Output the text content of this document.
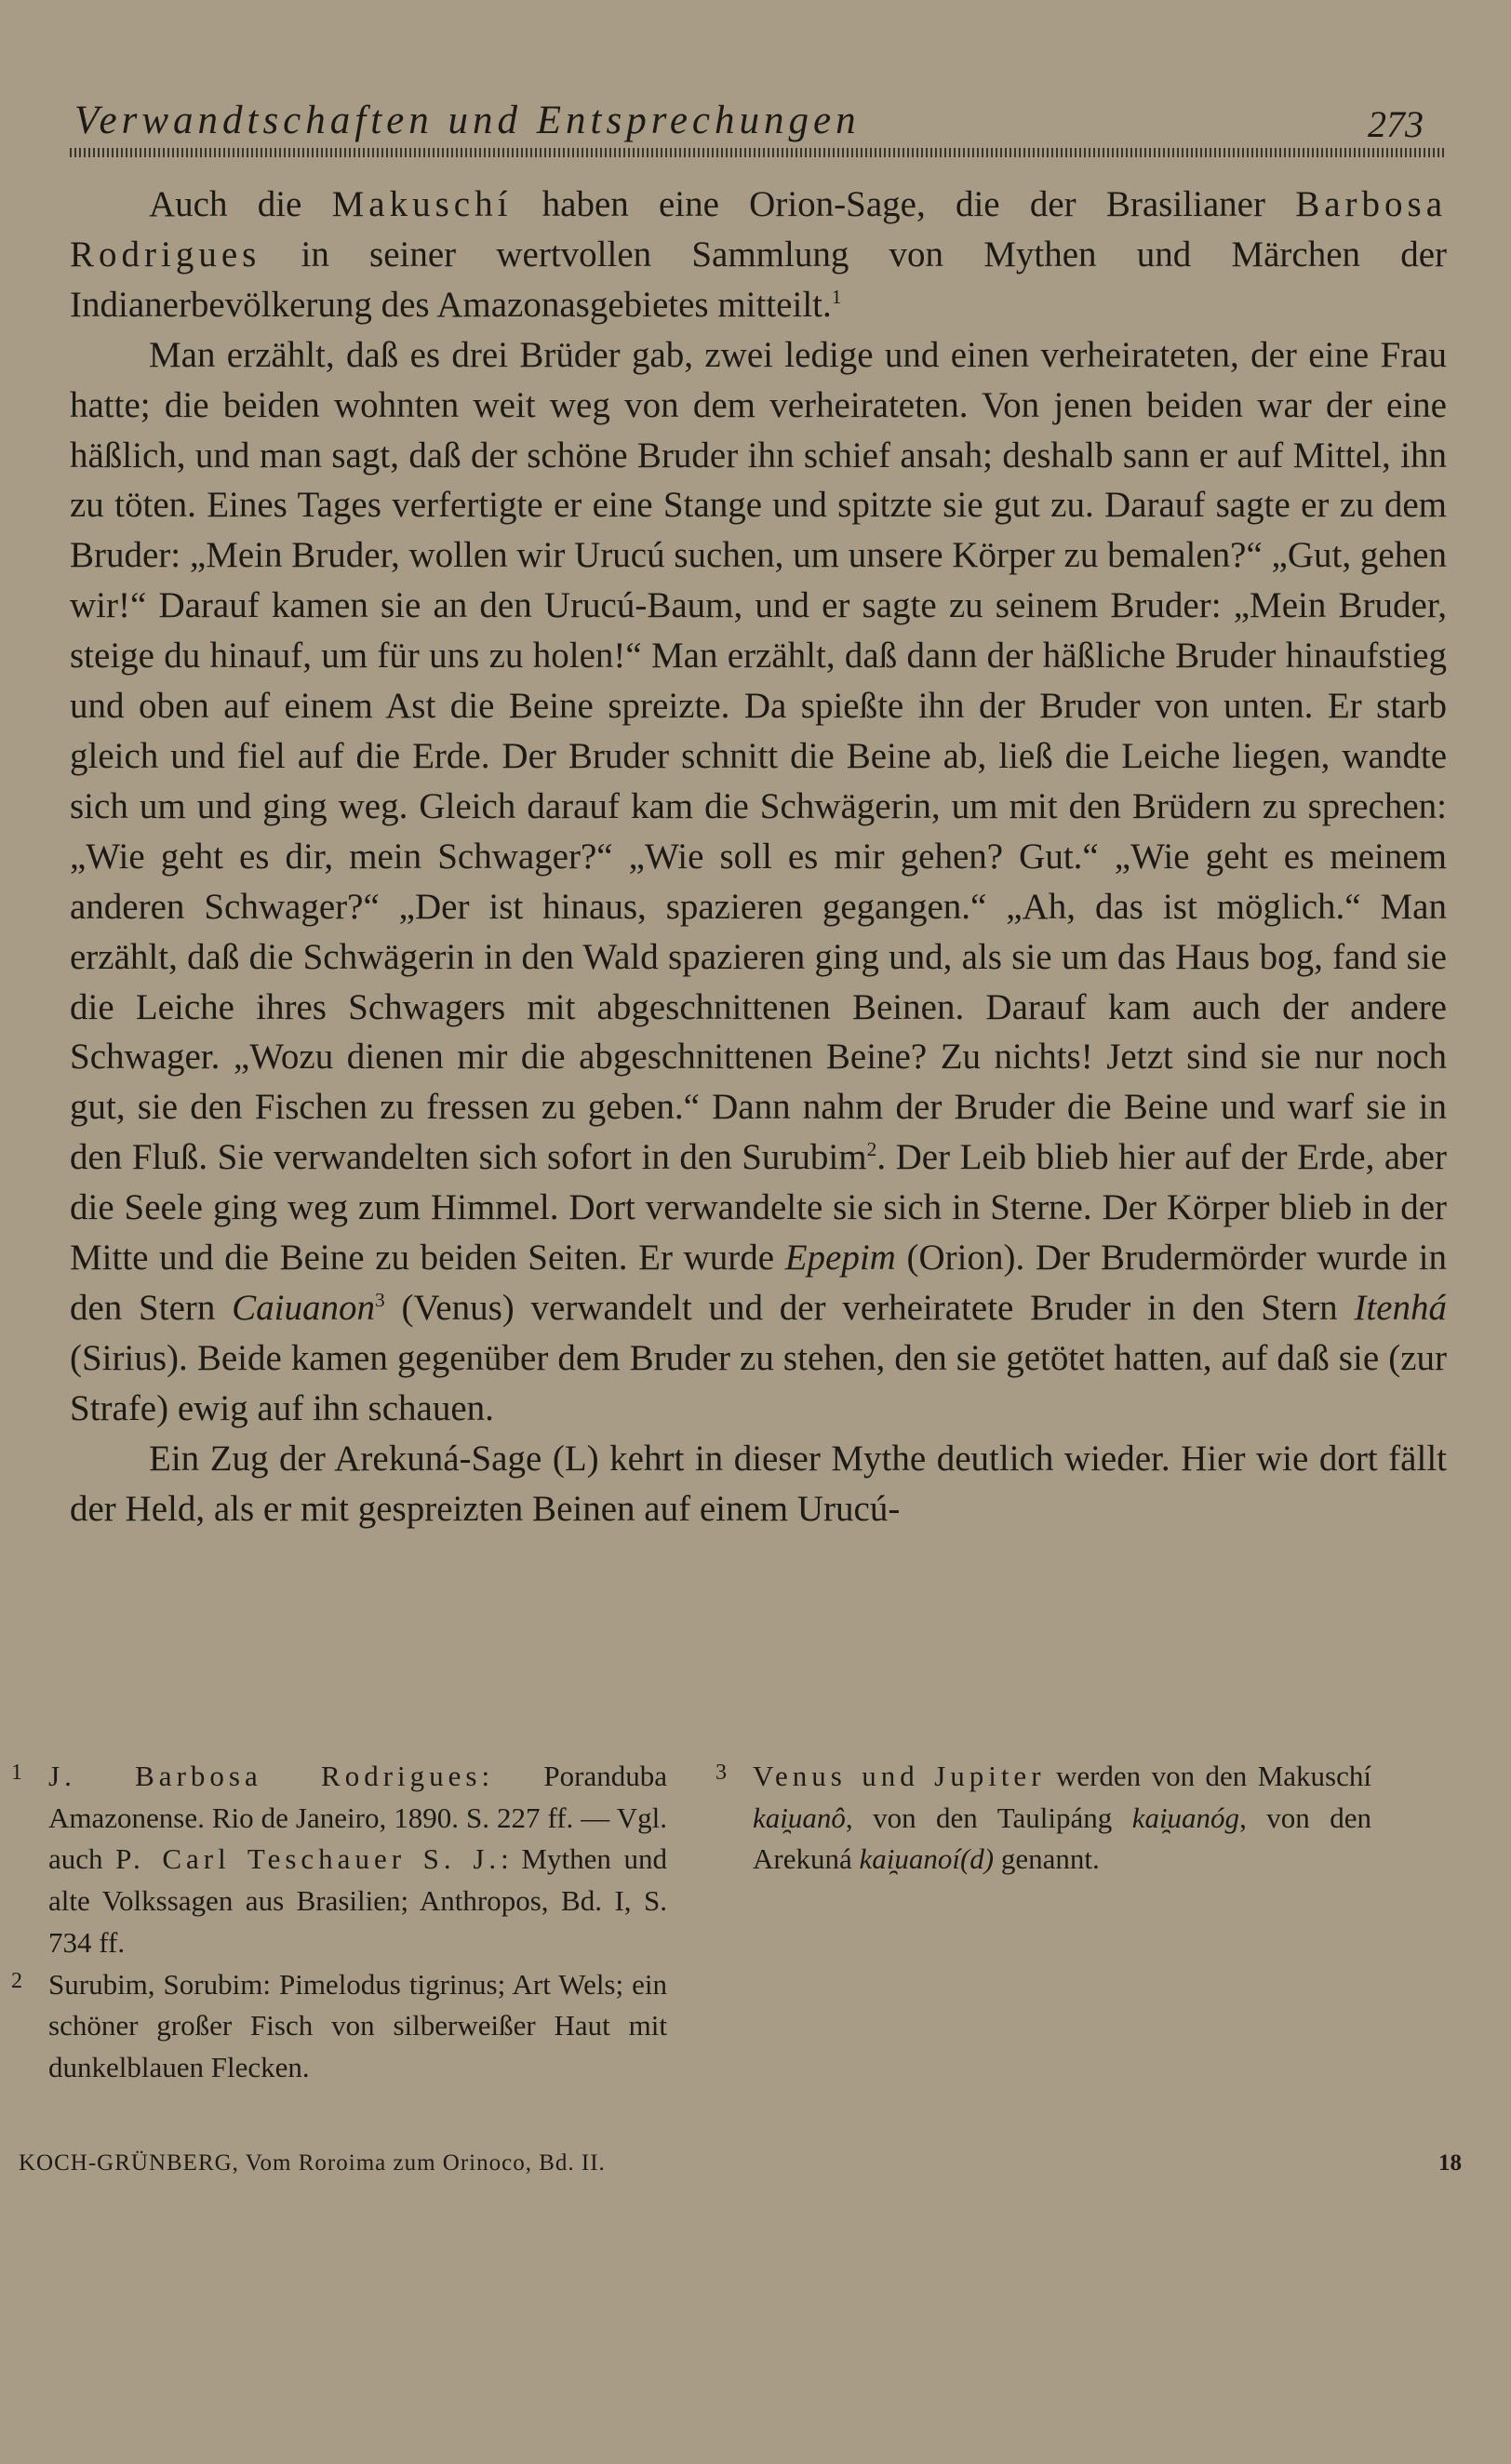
Verwandtschaften und Entsprechungen	273

Auch die Makuschí haben eine Orion-Sage, die der Brasilianer Barbosa Rodrigues in seiner wertvollen Sammlung von Mythen und Märchen der Indianerbevölkerung des Amazonasgebietes mitteilt.$^1$

Man erzählt, daß es drei Brüder gab, zwei ledige und einen verheirateten, der eine Frau hatte; die beiden wohnten weit weg von dem verheirateten. Von jenen beiden war der eine häßlich, und man sagt, daß der schöne Bruder ihn schief ansah; deshalb sann er auf Mittel, ihn zu töten. Eines Tages verfertigte er eine Stange und spitzte sie gut zu. Darauf sagte er zu dem Bruder: „Mein Bruder, wollen wir Urucú suchen, um unsere Körper zu bemalen?“ „Gut, gehen wir!“ Darauf kamen sie an den Urucú-Baum, und er sagte zu seinem Bruder: „Mein Bruder, steige du hinauf, um für uns zu holen!“ Man erzählt, daß dann der häßliche Bruder hinaufstieg und oben auf einem Ast die Beine spreizte. Da spießte ihn der Bruder von unten. Er starb gleich und fiel auf die Erde. Der Bruder schnitt die Beine ab, ließ die Leiche liegen, wandte sich um und ging weg. Gleich darauf kam die Schwägerin, um mit den Brüdern zu sprechen: „Wie geht es dir, mein Schwager?“ „Wie soll es mir gehen? Gut.“ „Wie geht es meinem anderen Schwager?“ „Der ist hinaus, spazieren gegangen.“ „Ah, das ist möglich.“ Man erzählt, daß die Schwägerin in den Wald spazieren ging und, als sie um das Haus bog, fand sie die Leiche ihres Schwagers mit abgeschnittenen Beinen. Darauf kam auch der andere Schwager. „Wozu dienen mir die abgeschnittenen Beine? Zu nichts! Jetzt sind sie nur noch gut, sie den Fischen zu fressen zu geben.“ Dann nahm der Bruder die Beine und warf sie in den Fluß. Sie verwandelten sich sofort in den Surubim$^2$. Der Leib blieb hier auf der Erde, aber die Seele ging weg zum Himmel. Dort verwandelte sie sich in Sterne. Der Körper blieb in der Mitte und die Beine zu beiden Seiten. Er wurde Epepim (Orion). Der Brudermörder wurde in den Stern Caiuanon$^3$ (Venus) verwandelt und der verheiratete Bruder in den Stern Itenhá (Sirius). Beide kamen gegenüber dem Bruder zu stehen, den sie getötet hatten, auf daß sie (zur Strafe) ewig auf ihn schauen.

Ein Zug der Arekuná-Sage (L) kehrt in dieser Mythe deutlich wieder. Hier wie dort fällt der Held, als er mit gespreizten Beinen auf einem Urucú-

1 J. Barbosa Rodrigues: Poranduba Amazonense. Rio de Janeiro, 1890. S. 227 ff. — Vgl. auch P. Carl Teschauer S. J.: Mythen und alte Volkssagen aus Brasilien; Anthropos, Bd. I, S. 734 ff.
2 Surubim, Sorubim: Pimelodus tigrinus; Art Wels; ein schöner großer Fisch von silberweißer Haut mit dunkelblauen Flecken.
3 Venus und Jupiter werden von den Makuschí kai̯uanô, von den Taulipáng kai̯uanóg, von den Arekuná kai̯uanoí(d) genannt.
KOCH-GRÜNBERG, Vom Roroima zum Orinoco, Bd. II.	18
